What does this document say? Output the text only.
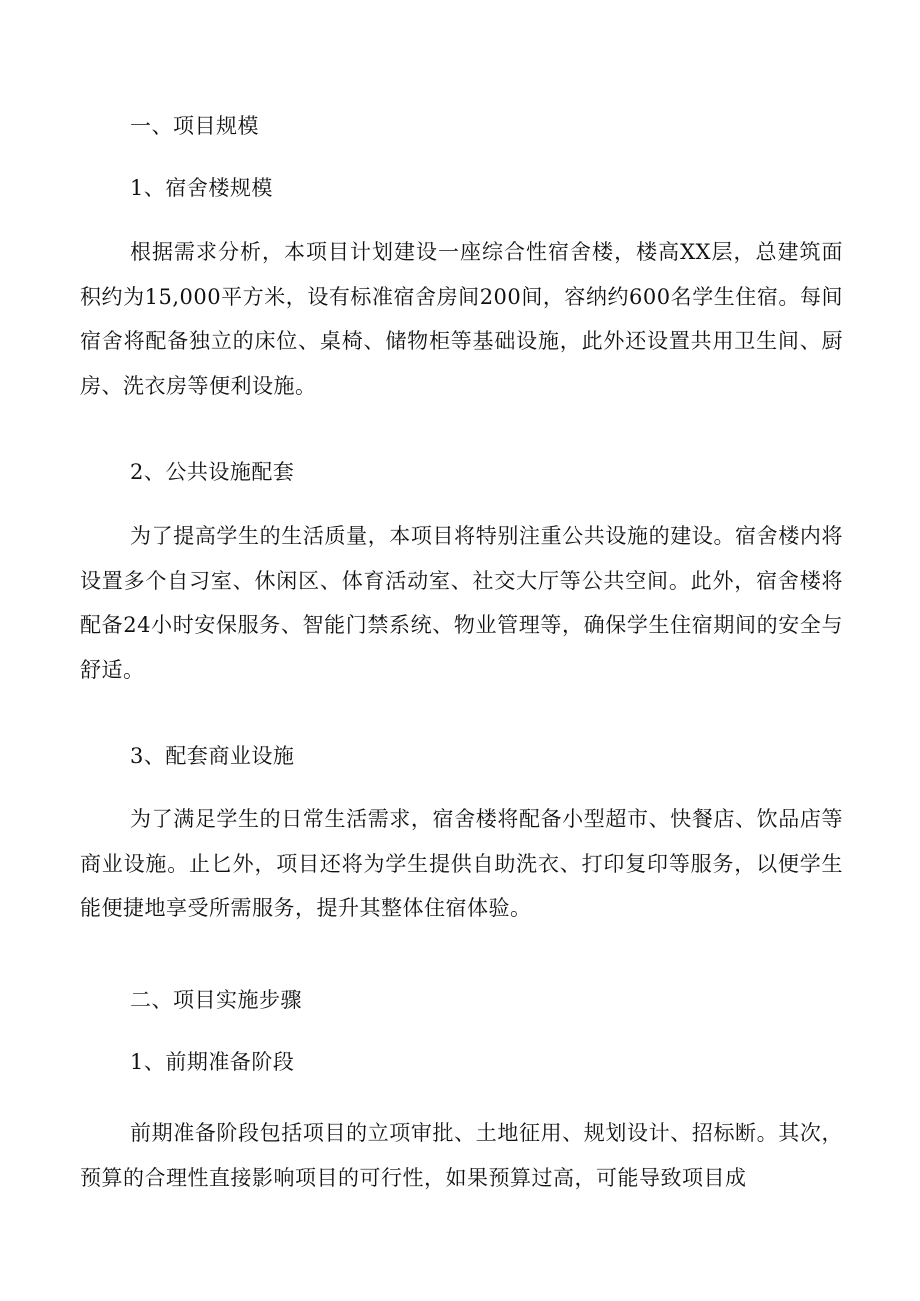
一、项目规模
1、宿舍楼规模
根据需求分析，本项目计划建设一座综合性宿舍楼，楼高XX层，总建筑面积约为15,000平方米，设有标准宿舍房间200间，容纳约600名学生住宿。每间宿舍将配备独立的床位、桌椅、储物柜等基础设施，此外还设置共用卫生间、厨房、洗衣房等便利设施。
2、公共设施配套
为了提高学生的生活质量，本项目将特别注重公共设施的建设。宿舍楼内将设置多个自习室、休闲区、体育活动室、社交大厅等公共空间。此外，宿舍楼将配备24小时安保服务、智能门禁系统、物业管理等，确保学生住宿期间的安全与舒适。
3、配套商业设施
为了满足学生的日常生活需求，宿舍楼将配备小型超市、快餐店、饮品店等商业设施。止匕外，项目还将为学生提供自助洗衣、打印复印等服务，以便学生能便捷地享受所需服务，提升其整体住宿体验。
二、项目实施步骤
1、前期准备阶段
前期准备阶段包括项目的立项审批、土地征用、规划设计、招标断。其次，预算的合理性直接影响项目的可行性，如果预算过高，可能导致项目成
